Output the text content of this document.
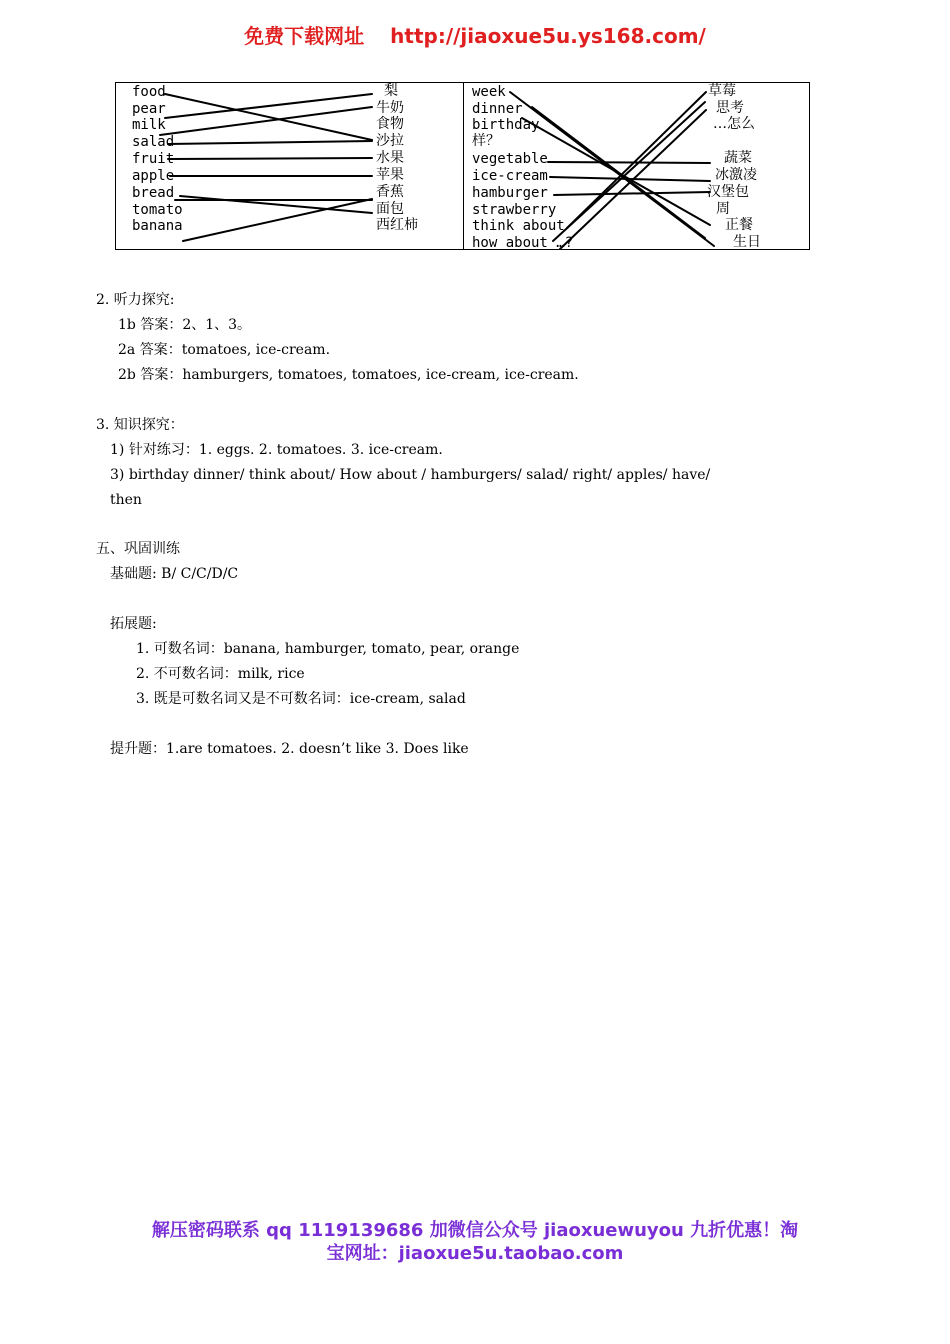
免费下载网址 http://jiaoxue5u.ys168.com/
food
pear
milk
salad
fruit
apple
bread
tomato
banana
梨
牛奶
食物
沙拉
水果
苹果
香蕉
面包
西红柿
week
dinner
birthday
样？
vegetable
ice-cream
hamburger
strawberry
think about
how about …?
草莓
思考
…怎么
蔬菜
冰激凌
汉堡包
周
正餐
生日
2. 听力探究:
1b 答案：2、1、3。
2a 答案：tomatoes, ice-cream.
2b 答案：hamburgers, tomatoes, tomatoes, ice-cream, ice-cream.
3. 知识探究：
1) 针对练习：1. eggs. 2. tomatoes. 3. ice-cream.
3) birthday dinner/ think about/ How about / hamburgers/ salad/ right/ apples/ have/
then
五、巩固训练
基础题: B/ C/C/D/C
拓展题:
1. 可数名词：banana, hamburger, tomato, pear, orange
2. 不可数名词：milk, rice
3. 既是可数名词又是不可数名词：ice-cream, salad
提升题：1.are tomatoes. 2. doesn’t like 3. Does like
解压密码联系 qq 1119139686 加微信公众号 jiaoxuewuyou 九折优惠！淘
宝网址：jiaoxue5u.taobao.com
